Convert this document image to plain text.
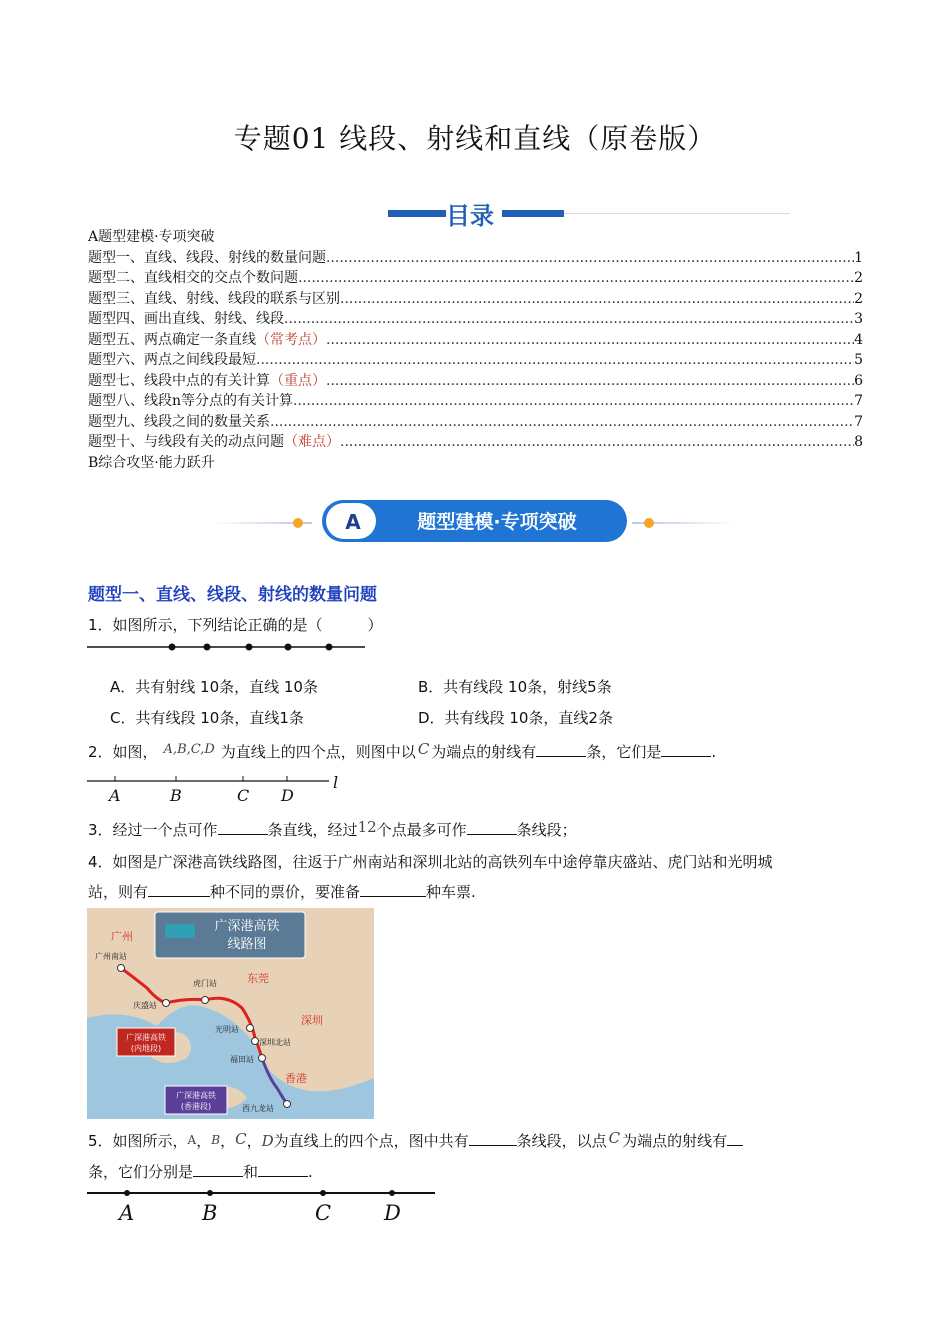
专题01 线段、射线和直线（原卷版）
目录
A题型建模·专项突破
题型一、直线、线段、射线的数量问题 .....	1
题型二、直线相交的交点个数问题 .....	2
题型三、直线、射线、线段的联系与区别 .....	2
题型四、画出直线、射线、线段 .....	3
题型五、两点确定一条直线 （常考点） .....	4
题型六、两点之间线段最短 .....	5
题型七、线段中点的有关计算 （重点） .....	6
题型八、线段n等分点的有关计算 .....	7
题型九、线段之间的数量关系 .....	7
题型十、与线段有关的动点问题 （难点） .....	8
B综合攻坚·能力跃升
A	题型建模·专项突破
题型一、直线、线段、射线的数量问题
1．如图所示，下列结论正确的是（　　　）
A．共有射线 10条，直线 10条	B．共有线段 10条，射线5条
C．共有线段 10条，直线1条	D．共有线段 10条，直线2条
2．如图， A,B,C,D 为直线上的四个点，则图中以 C 为端点的射线有	条，它们是	.
A	B	C D
l
3．经过一个点可作	条直线，经过12个点最多可作	条线段；
4．如图是广深港高铁线路图，往返于广州南站和深圳北站的高铁列车中途停靠庆盛站、虎门站和光明城
站，则有	种不同的票价，要准备	种车票.
广深港高铁
线路图
广州南站
庆盛站
虎门站
光明站
深圳北站
福田站
西九龙站
广州
东莞
深圳
香港
广深港高铁
(内地段)
广深港高铁
(香港段)
5．如图所示，A，B，C，D为直线上的四个点，图中共有	条线段，以点 C 为端点的射线有
条，它们分别是	和	.
A	B	C	D
